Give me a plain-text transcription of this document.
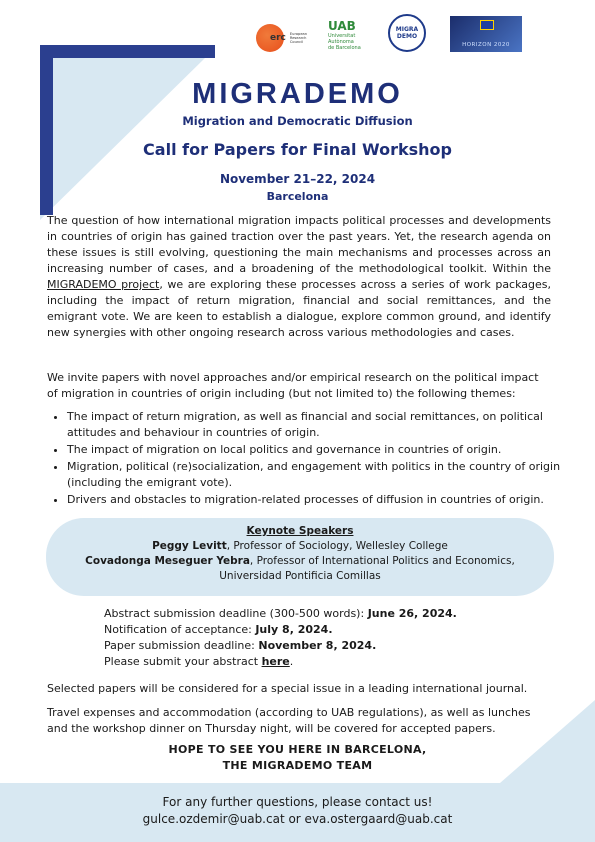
erc European
Research
Council
UAB
Universitat
Autònoma
de Barcelona
MIGRA
DEMO
HORIZON 2020
MIGRADEMO
Migration and Democratic Diffusion
Call for Papers for Final Workshop
November 21–22, 2024
Barcelona
The question of how international migration impacts political processes and developments in countries of origin has gained traction over the past years. Yet, the research agenda on these issues is still evolving, questioning the main mechanisms and processes across an increasing number of cases, and a broadening of the methodological toolkit. Within the MIGRADEMO project, we are exploring these processes across a series of work packages, including the impact of return migration, financial and social remittances, and the emigrant vote. We are keen to establish a dialogue, explore common ground, and identify new synergies with other ongoing research across various methodologies and cases.
We invite papers with novel approaches and/or empirical research on the political impact of migration in countries of origin including (but not limited to) the following themes:
• The impact of return migration, as well as financial and social remittances, on political attitudes and behaviour in countries of origin.
• The impact of migration on local politics and governance in countries of origin.
• Migration, political (re)socialization, and engagement with politics in the country of origin (including the emigrant vote).
• Drivers and obstacles to migration-related processes of diffusion in countries of origin.
Keynote Speakers
Peggy Levitt, Professor of Sociology, Wellesley College
Covadonga Meseguer Yebra, Professor of International Politics and Economics,
Universidad Pontificia Comillas
Abstract submission deadline (300-500 words): June 26, 2024.
Notification of acceptance: July 8, 2024.
Paper submission deadline: November 8, 2024.
Please submit your abstract here.
Selected papers will be considered for a special issue in a leading international journal.
Travel expenses and accommodation (according to UAB regulations), as well as lunches and the workshop dinner on Thursday night, will be covered for accepted papers.
HOPE TO SEE YOU HERE IN BARCELONA,
THE MIGRADEMO TEAM
For any further questions, please contact us!
gulce.ozdemir@uab.cat or eva.ostergaard@uab.cat
